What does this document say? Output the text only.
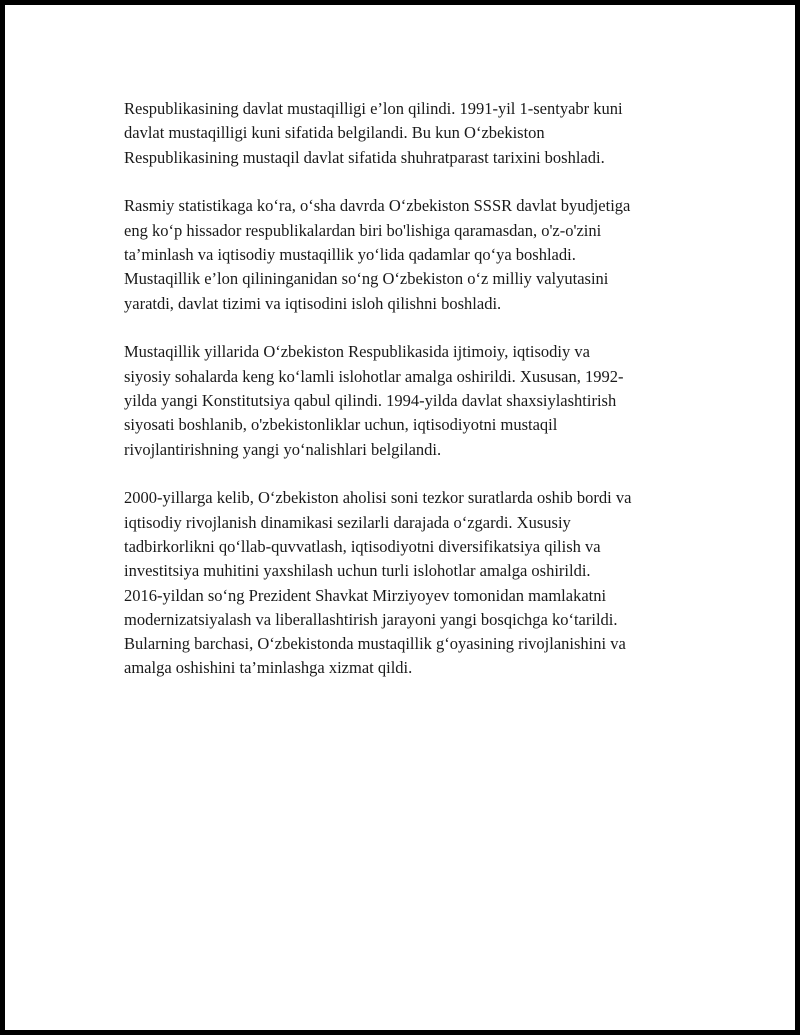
Respublikasining davlat mustaqilligi e’lon qilindi. 1991-yil 1-sentyabr kuni
davlat mustaqilligi kuni sifatida belgilandi. Bu kun O‘zbekiston
Respublikasining mustaqil davlat sifatida shuhratparast tarixini boshladi.

Rasmiy statistikaga ko‘ra, o‘sha davrda O‘zbekiston SSSR davlat byudjetiga
eng ko‘p hissador respublikalardan biri bo'lishiga qaramasdan, o'z-o'zini
ta’minlash va iqtisodiy mustaqillik yo‘lida qadamlar qo‘ya boshladi.
Mustaqillik e’lon qilininganidan so‘ng O‘zbekiston o‘z milliy valyutasini
yaratdi, davlat tizimi va iqtisodini isloh qilishni boshladi.

Mustaqillik yillarida O‘zbekiston Respublikasida ijtimoiy, iqtisodiy va
siyosiy sohalarda keng ko‘lamli islohotlar amalga oshirildi. Xususan, 1992-
yilda yangi Konstitutsiya qabul qilindi. 1994-yilda davlat shaxsiylashtirish
siyosati boshlanib, o'zbekistonliklar uchun, iqtisodiyotni mustaqil
rivojlantirishning yangi yo‘nalishlari belgilandi.

2000-yillarga kelib, O‘zbekiston aholisi soni tezkor suratlarda oshib bordi va
iqtisodiy rivojlanish dinamikasi sezilarli darajada o‘zgardi. Xususiy
tadbirkorlikni qo‘llab-quvvatlash, iqtisodiyotni diversifikatsiya qilish va
investitsiya muhitini yaxshilash uchun turli islohotlar amalga oshirildi.
2016-yildan so‘ng Prezident Shavkat Mirziyoyev tomonidan mamlakatni
modernizatsiyalash va liberallashtirish jarayoni yangi bosqichga ko‘tarildi.
Bularning barchasi, O‘zbekistonda mustaqillik g‘oyasining rivojlanishini va
amalga oshishini ta’minlashga xizmat qildi.
